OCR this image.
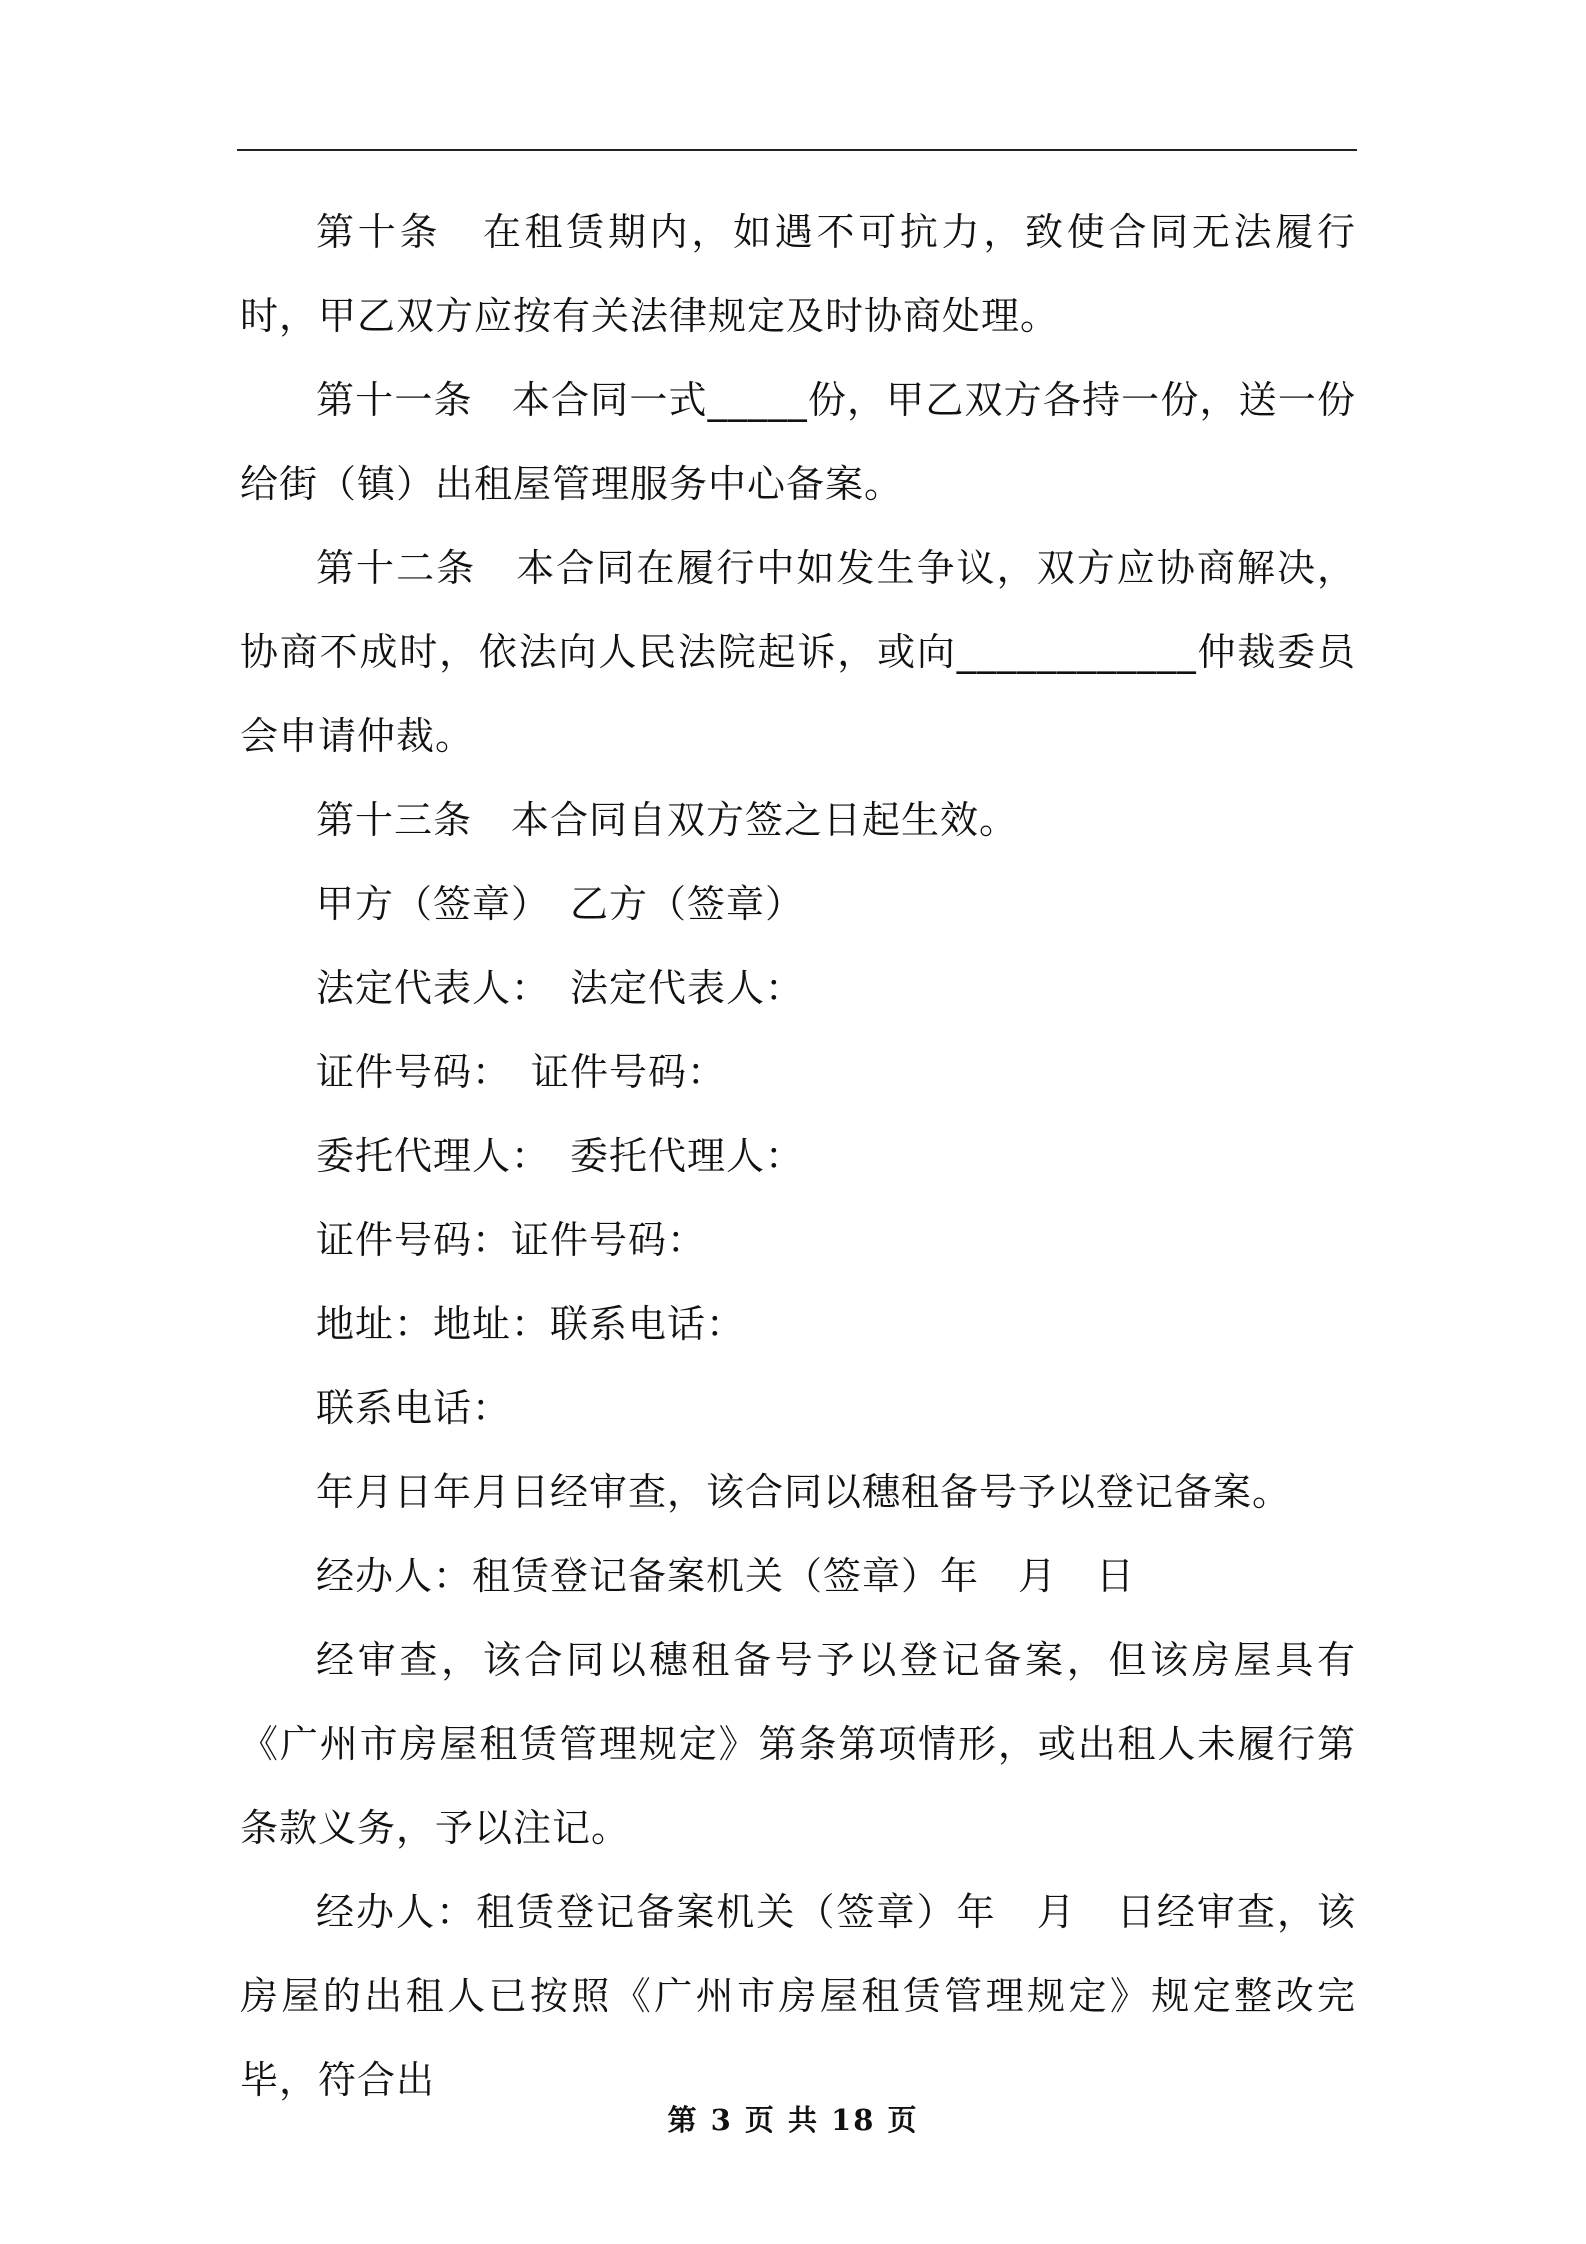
第十条　在租赁期内，如遇不可抗力，致使合同无法履行时，甲乙双方应按有关法律规定及时协商处理。

第十一条　本合同一式_____份，甲乙双方各持一份，送一份给街（镇）出租屋管理服务中心备案。

第十二条　本合同在履行中如发生争议，双方应协商解决，协商不成时，依法向人民法院起诉，或向____________仲裁委员会申请仲裁。

第十三条　本合同自双方签之日起生效。

甲方（签章）　乙方（签章）

法定代表人：　法定代表人：

证件号码：　证件号码：

委托代理人：　委托代理人：

证件号码：证件号码：

地址：地址：联系电话：

联系电话：

年月日年月日经审查，该合同以穗租备号予以登记备案。

经办人：租赁登记备案机关（签章）年　月　日

经审查，该合同以穗租备号予以登记备案，但该房屋具有《广州市房屋租赁管理规定》第条第项情形，或出租人未履行第条款义务，予以注记。

经办人：租赁登记备案机关（签章）年　月　日经审查，该房屋的出租人已按照《广州市房屋租赁管理规定》规定整改完毕，符合出

第 3 页 共 18 页
